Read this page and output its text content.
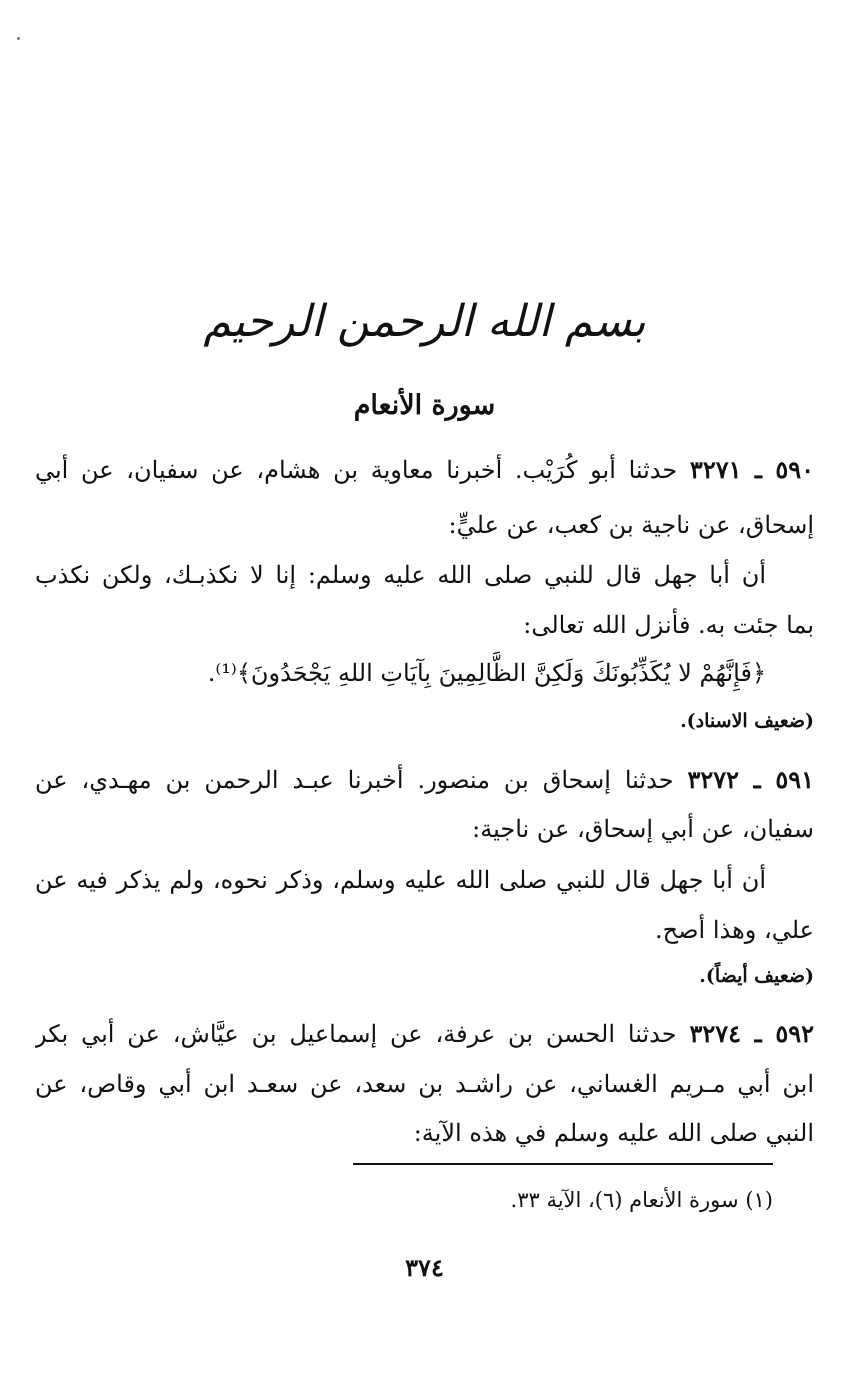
بسم الله الرحمن الرحيم
سورة الأنعام
٥٩٠ ـ ٣٢٧١ حدثنا أبو كُرَيْب. أخبرنا معاوية بن هشام، عن سفيان، عن أبي
إسحاق، عن ناجية بن كعب، عن عليٍّ:
أن أبا جهل قال للنبي صلى الله عليه وسلم: إنا لا نكذبـك، ولكن نكذب
بما جئت به. فأنزل الله تعالى:
﴿فَإِنَّهُمْ لا يُكَذِّبُونَكَ وَلَكِنَّ الظَّالِمِينَ بِآيَاتِ اللهِ يَجْحَدُونَ﴾⁽¹⁾.
(ضعيف الاسناد).
٥٩١ ـ ٣٢٧٢ حدثنا إسحاق بن منصور. أخبرنا عبـد الرحمن بن مهـدي، عن
سفيان، عن أبي إسحاق، عن ناجية:
أن أبا جهل قال للنبي صلى الله عليه وسلم، وذكر نحوه، ولم يذكر فيه عن
علي، وهذا أصح.
(ضعيف أيضاً).
٥٩٢ ـ ٣٢٧٤ حدثنا الحسن بن عرفة، عن إسماعيل بن عيَّاش، عن أبي بكر
ابن أبي مـريم الغساني، عن راشـد بن سعد، عن سعـد ابن أبي وقاص، عن
النبي صلى الله عليه وسلم في هذه الآية:
(١) سورة الأنعام (٦)، الآية ٣٣.
٣٧٤
